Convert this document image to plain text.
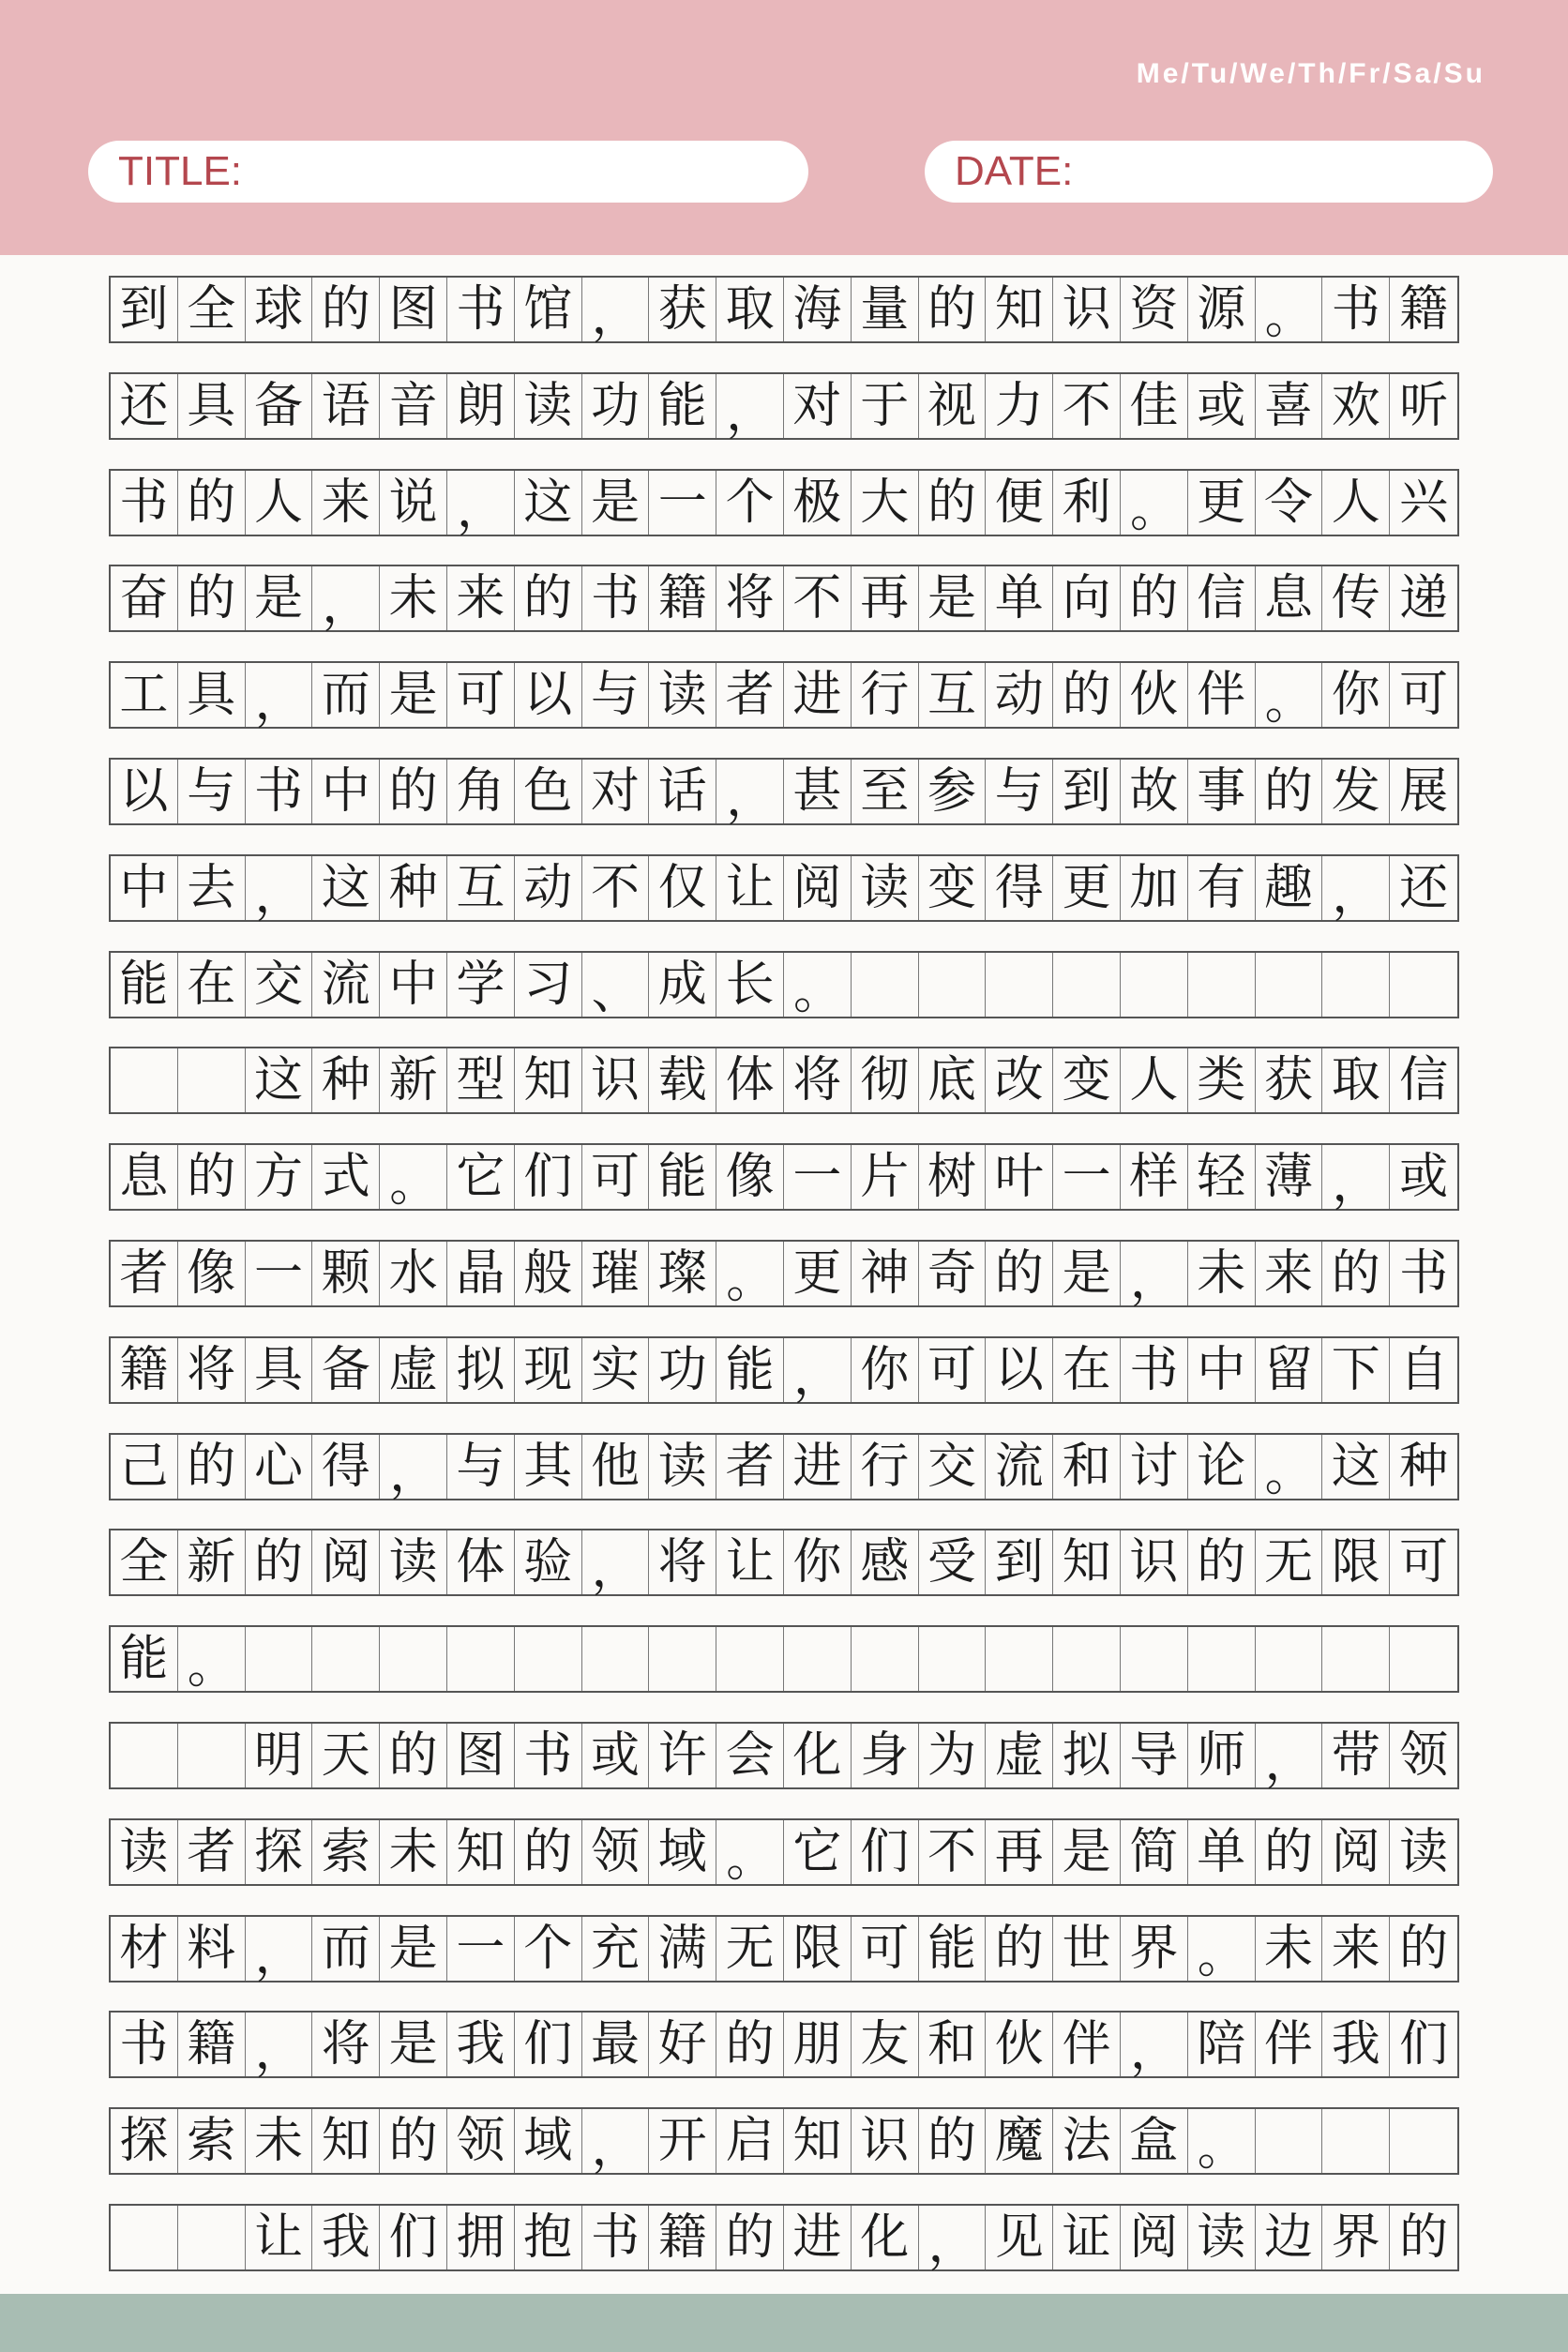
Me/Tu/We/Th/Fr/Sa/Su
TITLE:	DATE:
到 全 球 的 图 书 馆 ， 获 取 海 量 的 知 识 资 源 。 书 籍
还 具 备 语 音 朗 读 功 能 ， 对 于 视 力 不 佳 或 喜 欢 听
书 的 人 来 说 ， 这 是 一 个 极 大 的 便 利 。 更 令 人 兴
奋 的 是 ， 未 来 的 书 籍 将 不 再 是 单 向 的 信 息 传 递
工 具 ， 而 是 可 以 与 读 者 进 行 互 动 的 伙 伴 。 你 可
以 与 书 中 的 角 色 对 话 ， 甚 至 参 与 到 故 事 的 发 展
中 去 ， 这 种 互 动 不 仅 让 阅 读 变 得 更 加 有 趣 ， 还
能 在 交 流 中 学 习 、 成 长 。
这 种 新 型 知 识 载 体 将 彻 底 改 变 人 类 获 取 信
息 的 方 式 。 它 们 可 能 像 一 片 树 叶 一 样 轻 薄 ， 或
者 像 一 颗 水 晶 般 璀 璨 。 更 神 奇 的 是 ， 未 来 的 书
籍 将 具 备 虚 拟 现 实 功 能 ， 你 可 以 在 书 中 留 下 自
己 的 心 得 ， 与 其 他 读 者 进 行 交 流 和 讨 论 。 这 种
全 新 的 阅 读 体 验 ， 将 让 你 感 受 到 知 识 的 无 限 可
能 。
明 天 的 图 书 或 许 会 化 身 为 虚 拟 导 师 ， 带 领
读 者 探 索 未 知 的 领 域 。 它 们 不 再 是 简 单 的 阅 读
材 料 ， 而 是 一 个 充 满 无 限 可 能 的 世 界 。 未 来 的
书 籍 ， 将 是 我 们 最 好 的 朋 友 和 伙 伴 ， 陪 伴 我 们
探 索 未 知 的 领 域 ， 开 启 知 识 的 魔 法 盒 。
让 我 们 拥 抱 书 籍 的 进 化 ， 见 证 阅 读 边 界 的
